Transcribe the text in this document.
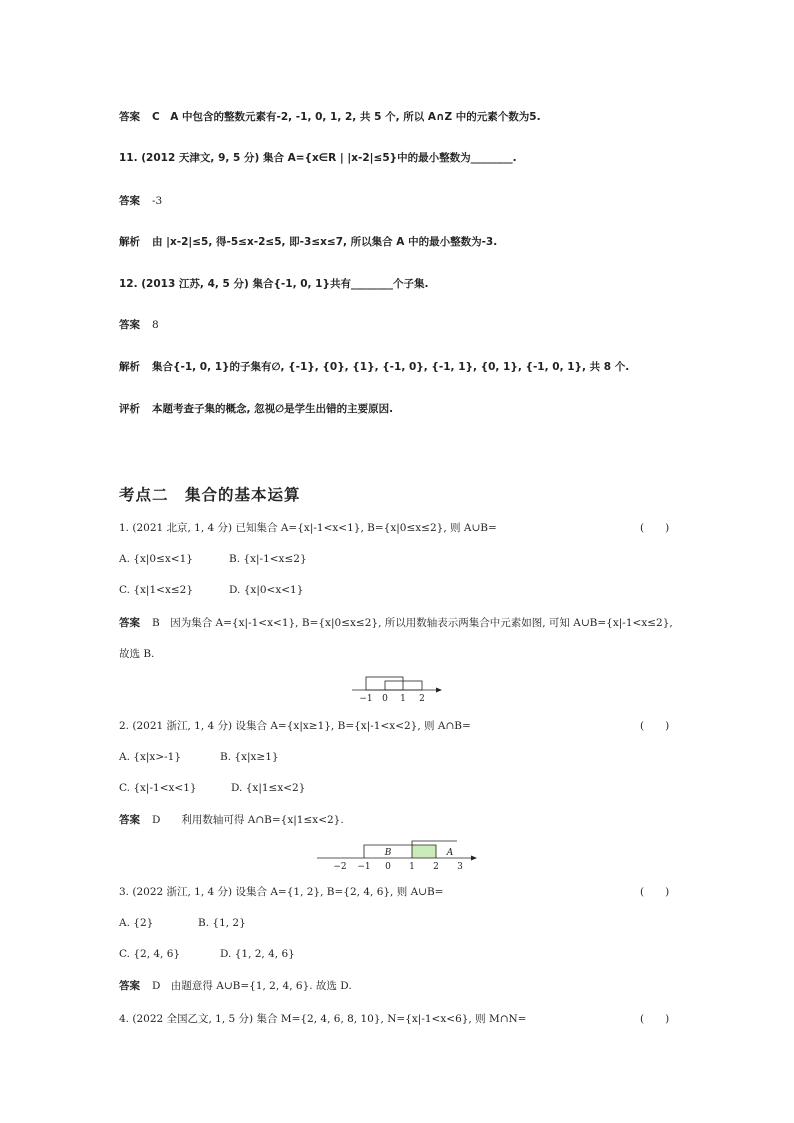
答案 C　A 中包含的整数元素有-2, -1, 0, 1, 2, 共 5 个, 所以 A∩Z 中的元素个数为5.
11. (2012 天津文, 9, 5 分) 集合 A={x∈R | |x-2|≤5}中的最小整数为________.
答案 -3
解析 由 |x-2|≤5, 得-5≤x-2≤5, 即-3≤x≤7, 所以集合 A 中的最小整数为-3.
12. (2013 江苏, 4, 5 分) 集合{-1, 0, 1}共有________个子集.
答案 8
解析 集合{-1, 0, 1}的子集有∅, {-1}, {0}, {1}, {-1, 0}, {-1, 1}, {0, 1}, {-1, 0, 1}, 共 8 个.
评析 本题考查子集的概念, 忽视∅是学生出错的主要原因.
考点二　集合的基本运算
1. (2021 北京, 1, 4 分) 已知集合 A={x|-1<x<1}, B={x|0≤x≤2}, 则 A∪B=	(　　)
A. {x|0≤x<1}	B. {x|-1<x≤2}
C. {x|1<x≤2}	D. {x|0<x<1}
答案 B　因为集合 A={x|-1<x<1}, B={x|0≤x≤2}, 所以用数轴表示两集合中元素如图, 可知 A∪B={x|-1<x≤2},
故选 B.
−1 0 1 2
2. (2021 浙江, 1, 4 分) 设集合 A={x|x≥1}, B={x|-1<x<2}, 则 A∩B=	(　　)
A. {x|x>-1}	B. {x|x≥1}
C. {x|-1<x<1}	D. {x|1≤x<2}
答案 D　　利用数轴可得 A∩B={x|1≤x<2}.
B	A
−2 −1 0 1 2 3
3. (2022 浙江, 1, 4 分) 设集合 A={1, 2}, B={2, 4, 6}, 则 A∪B=	(　　)
A. {2}	B. {1, 2}
C. {2, 4, 6}	D. {1, 2, 4, 6}
答案 D　由题意得 A∪B={1, 2, 4, 6}. 故选 D.
4. (2022 全国乙文, 1, 5 分) 集合 M={2, 4, 6, 8, 10}, N={x|-1<x<6}, 则 M∩N=	(　　)
